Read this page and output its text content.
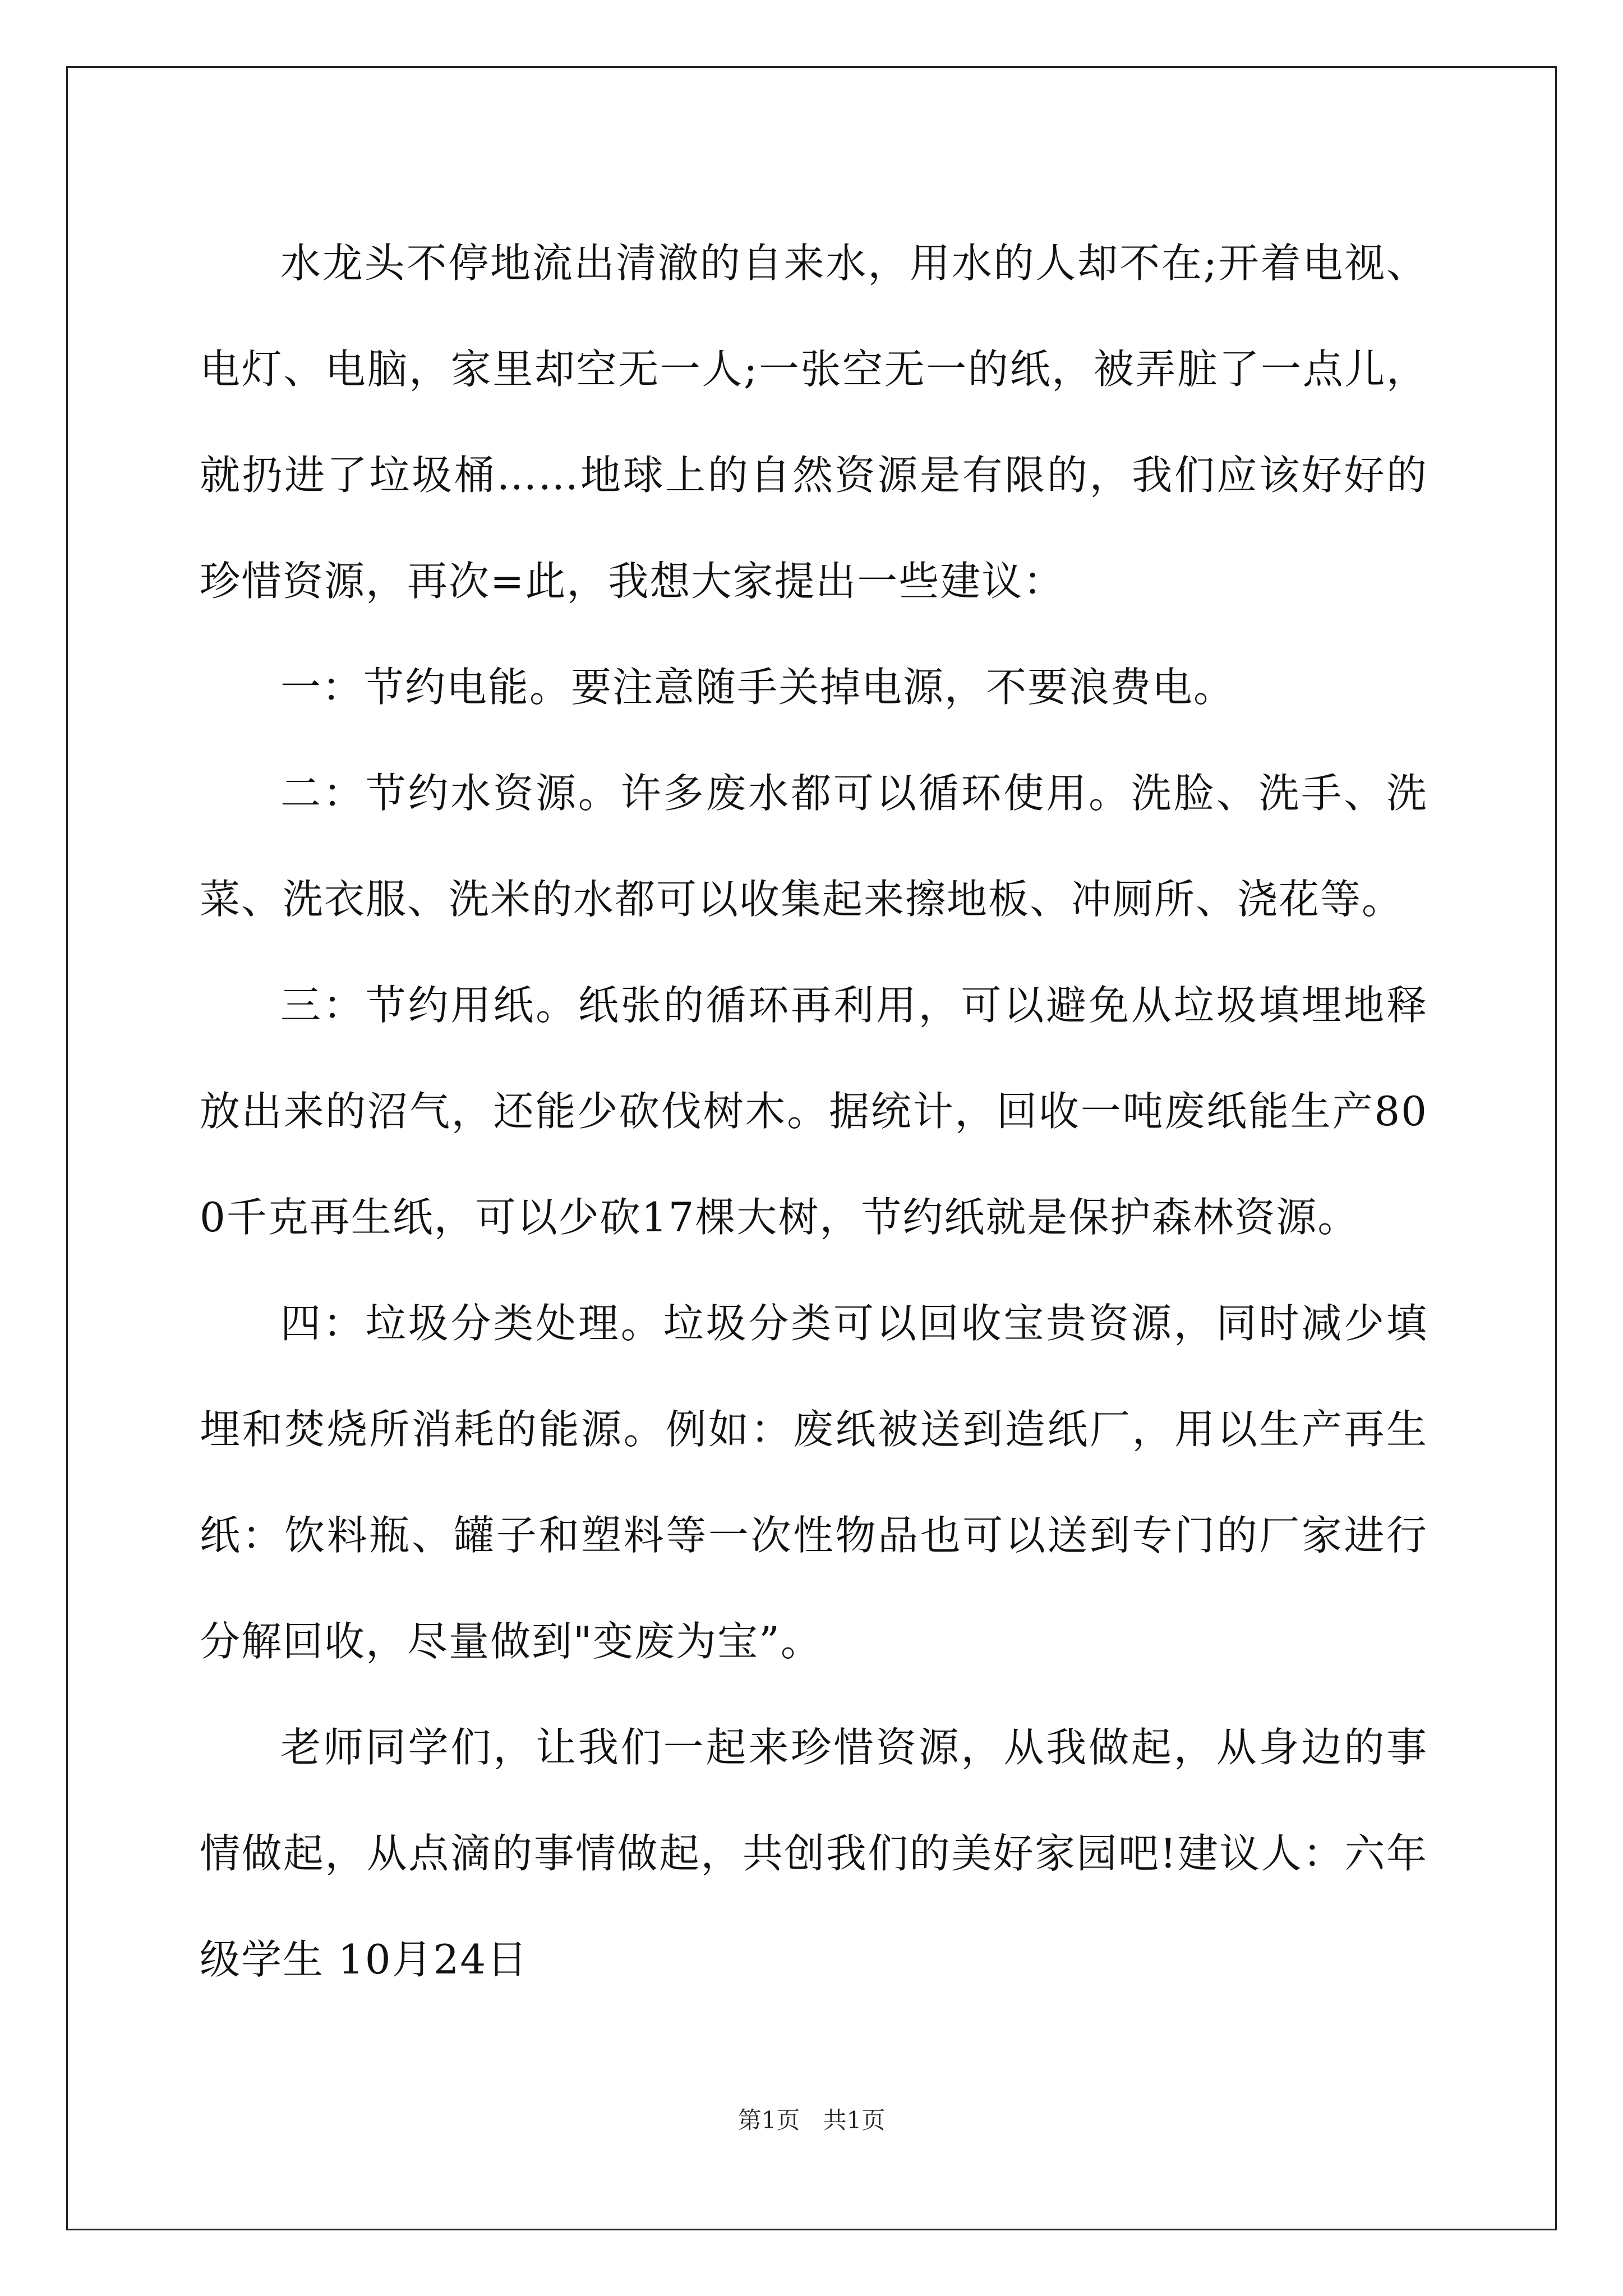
水龙头不停地流出清澈的自来水，用水的人却不在;开着电视、电灯、电脑，家里却空无一人;一张空无一的纸，被弄脏了一点儿，就扔进了垃圾桶……地球上的自然资源是有限的，我们应该好好的珍惜资源，再次=此，我想大家提出一些建议：

一：节约电能。要注意随手关掉电源，不要浪费电。

二：节约水资源。许多废水都可以循环使用。洗脸、洗手、洗菜、洗衣服、洗米的水都可以收集起来擦地板、冲厕所、浇花等。

三：节约用纸。纸张的循环再利用，可以避免从垃圾填埋地释放出来的沼气，还能少砍伐树木。据统计，回收一吨废纸能生产800千克再生纸，可以少砍17棵大树，节约纸就是保护森林资源。

四：垃圾分类处理。垃圾分类可以回收宝贵资源，同时减少填埋和焚烧所消耗的能源。例如：废纸被送到造纸厂，用以生产再生纸：饮料瓶、罐子和塑料等一次性物品也可以送到专门的厂家进行分解回收，尽量做到"变废为宝”。

老师同学们，让我们一起来珍惜资源，从我做起，从身边的事情做起，从点滴的事情做起，共创我们的美好家园吧!建议人：六年级学生 10月24日

第1页 共1页
